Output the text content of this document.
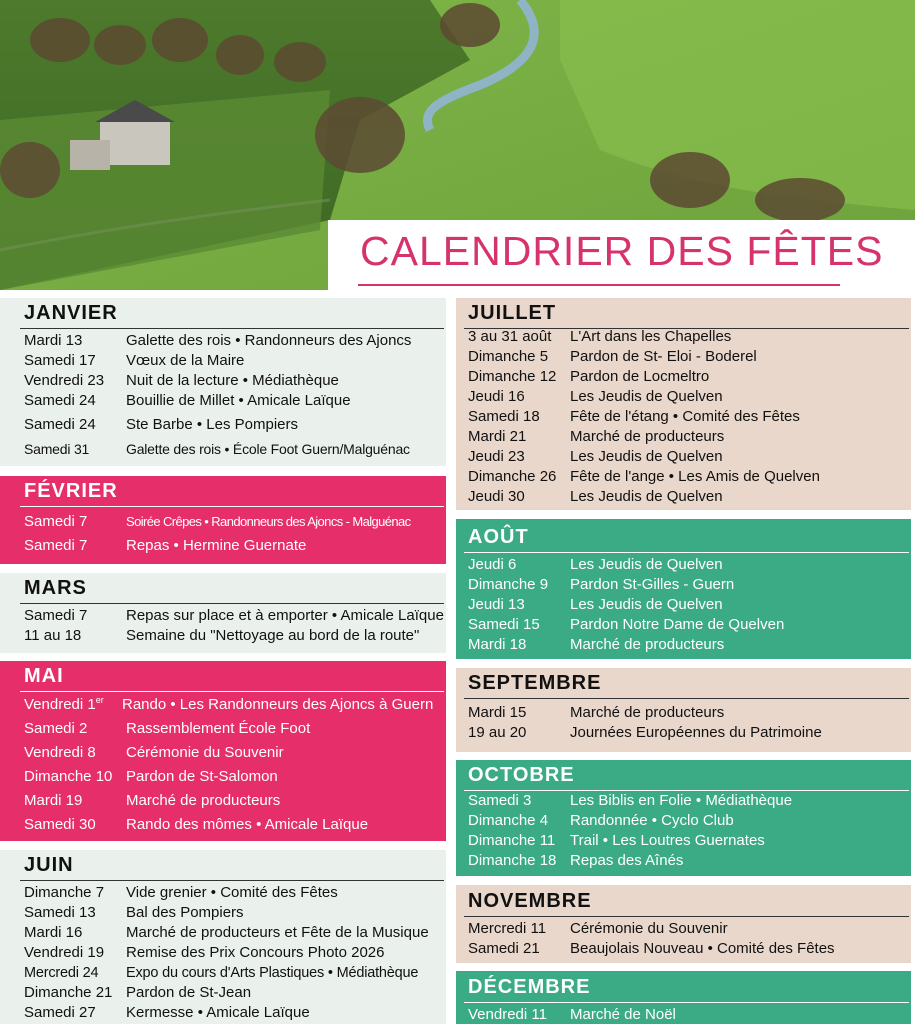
CALENDRIER DES FÊTES
JANVIER
Mardi 13	Galette des rois • Randonneurs des Ajoncs
Samedi 17 Vœux de la Maire
Vendredi 23 Nuit de la lecture • Médiathèque
Samedi 24 Bouillie de Millet • Amicale Laïque
Samedi 24 Ste Barbe • Les Pompiers
Samedi 31	Galette des rois • École Foot Guern/Malguénac
FÉVRIER
Samedi 7	Soirée Crêpes • Randonneurs des Ajoncs - Malguénac
Samedi 7	Repas • Hermine Guernate
MARS
Samedi 7	Repas sur place et à emporter • Amicale Laïque
11 au 18	Semaine du "Nettoyage au bord de la route"
MAI
Vendredi 1er Rando • Les Randonneurs des Ajoncs à Guern
Samedi 2	Rassemblement École Foot
Vendredi 8 Cérémonie du Souvenir
Dimanche 10 Pardon de St-Salomon
Mardi 19	Marché de producteurs
Samedi 30 Rando des mômes • Amicale Laïque
JUIN
Dimanche 7 Vide grenier • Comité des Fêtes
Samedi 13 Bal des Pompiers
Mardi 16	Marché de producteurs et Fête de la Musique
Vendredi 19 Remise des Prix Concours Photo 2026
Mercredi 24 Expo du cours d'Arts Plastiques • Médiathèque
Dimanche 21 Pardon de St-Jean
Samedi 27 Kermesse • Amicale Laïque
JUILLET
3 au 31 août L'Art dans les Chapelles
Dimanche 5 Pardon de St- Eloi - Boderel
Dimanche 12 Pardon de Locmeltro
Jeudi 16	Les Jeudis de Quelven
Samedi 18 Fête de l'étang • Comité des Fêtes
Mardi 21	Marché de producteurs
Jeudi 23	Les Jeudis de Quelven
Dimanche 26 Fête de l'ange • Les Amis de Quelven
Jeudi 30	Les Jeudis de Quelven
AOÛT
Jeudi 6	Les Jeudis de Quelven
Dimanche 9 Pardon St-Gilles - Guern
Jeudi 13	Les Jeudis de Quelven
Samedi 15 Pardon Notre Dame de Quelven
Mardi 18	Marché de producteurs
SEPTEMBRE
Mardi 15	Marché de producteurs
19 au 20	Journées Européennes du Patrimoine
OCTOBRE
Samedi 3	Les Biblis en Folie • Médiathèque
Dimanche 4 Randonnée • Cyclo Club
Dimanche 11 Trail • Les Loutres Guernates
Dimanche 18 Repas des Aînés
NOVEMBRE
Mercredi 11 Cérémonie du Souvenir
Samedi 21 Beaujolais Nouveau • Comité des Fêtes
DÉCEMBRE
Vendredi 11 Marché de Noël
